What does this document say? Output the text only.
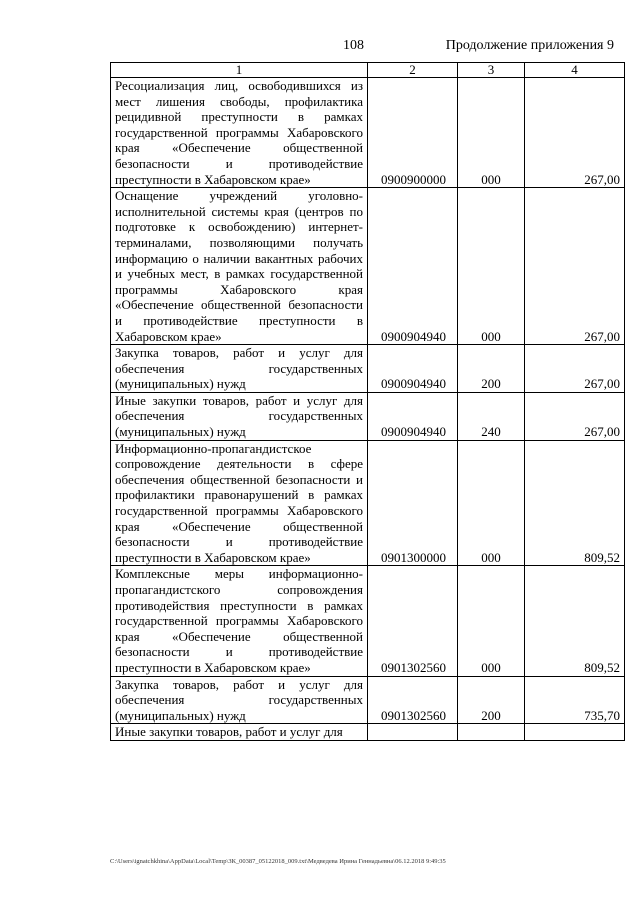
108	Продолжение приложения 9
1	2	3	4
Ресоциализация лиц, освободившихся из мест лишения свободы, профилактика рецидивной преступности в рамках государственной программы Хабаровского края «Обеспечение общественной безопасности и противодействие преступности в Хабаровском крае»	0900900000	000	267,00
Оснащение учреждений уголовно-исполнительной системы края (центров по подготовке к освобождению) интернет-терминалами, позволяющими получать информацию о наличии вакантных рабочих и учебных мест, в рамках государственной программы Хабаровского края «Обеспечение общественной безопасности и противодействие преступности в Хабаровском крае»	0900904940	000	267,00
Закупка товаров, работ и услуг для обеспечения государственных (муниципальных) нужд	0900904940	200	267,00
Иные закупки товаров, работ и услуг для обеспечения государственных (муниципальных) нужд	0900904940	240	267,00
Информационно-пропагандистское сопровождение деятельности в сфере обеспечения общественной безопасности и профилактики правонарушений в рамках государственной программы Хабаровского края «Обеспечение общественной безопасности и противодействие преступности в Хабаровском крае»	0901300000	000	809,52
Комплексные меры информационно-пропагандистского сопровождения противодействия преступности в рамках государственной программы Хабаровского края «Обеспечение общественной безопасности и противодействие преступности в Хабаровском крае»	0901302560	000	809,52
Закупка товаров, работ и услуг для обеспечения государственных (муниципальных) нужд	0901302560	200	735,70
Иные закупки товаров, работ и услуг для			
C:\Users\ignatchkhina\AppData\Local\Temp\ЗК_00387_05122018_009.txt\Медведева Ирина Геннадьевна\06.12.2018 9:49:35
